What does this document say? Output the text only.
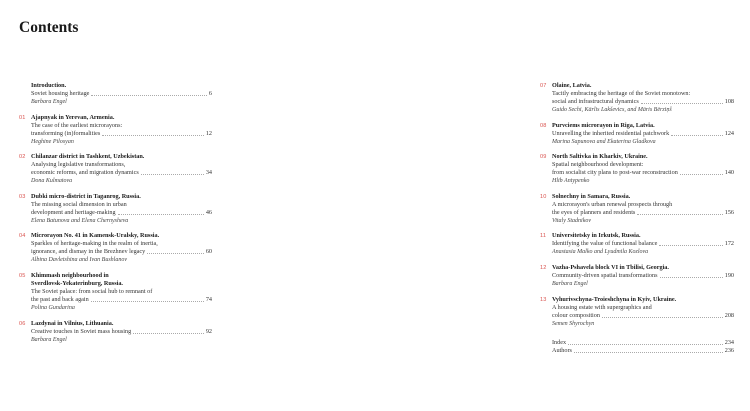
Contents
Introduction.
Soviet housing heritage	6
Barbara Engel
01 Ajapnyak in Yerevan, Armenia.
The case of the earliest microrayons:
transforming (in)formalities	12
Heghine Pilosyan
02 Chilanzar district in Tashkent, Uzbekistan.
Analysing legislative transformations,
economic reforms, and migration dynamics	34
Dona Kulmatova
03 Dubki micro-district in Taganrog, Russia.
The missing social dimension in urban
development and heritage-making	46
Elena Batunova and Elena Chernysheva
04 Microrayon No. 41 in Kamensk-Uralsky, Russia.
Sparkles of heritage-making in the realm of inertia,
ignorance, and dismay in the Brezhnev legacy	60
Albina Davletshina and Ivan Bushlanov
05 Khimmash neighbourhood in
Sverdlovsk-Yekaterinburg, Russia.
The Soviet palace: from social hub to remnant of
the past and back again	74
Polina Gundarina
06 Lazdynai in Vilnius, Lithuania.
Creative touches in Soviet mass housing	92
Barbara Engel
07 Olaine, Latvia.
Tacitly embracing the heritage of the Soviet monotown:
social and infrastructural dynamics	108
Guido Sechi, Kārlis Lakševics, and Māris Bērziņš
08 Purvciems microrayon in Riga, Latvia.
Unravelling the inherited residential patchwork	124
Marina Sapunova and Ekaterina Gladkova
09 North Saltivka in Kharkiv, Ukraine.
Spatial neighbourhood development:
from socialist city plans to post-war reconstruction	140
Hlib Antypenko
10 Solnechny in Samara, Russia.
A microrayon's urban renewal prospects through
the eyes of planners and residents	156
Vitaly Stadnikov
11 Universitetsky in Irkutsk, Russia.
Identifying the value of functional balance	172
Anastasia Malko and Lyudmila Kozlova
12 Vazha-Pshavela block VI in Tbilisi, Georgia.
Community-driven spatial transformations	190
Barbara Engel
13 Vyhurivschyna-Troieshchyna in Kyiv, Ukraine.
A housing estate with supergraphics and
colour composition	208
Semen Shyrochyn
Index	234
Authors	236
